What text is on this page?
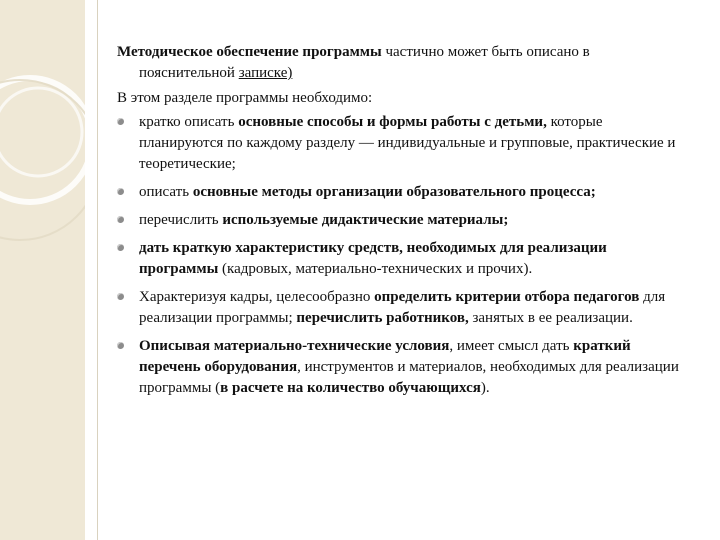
Методическое обеспечение программы частично может быть описано в
пояснительной записке)

В этом разделе программы необходимо:

кратко описать основные способы и формы работы с детьми, которые планируются по каждому разделу — индивидуальные и групповые, практические и теоретические;
описать основные методы организации образовательного процесса;
перечислить используемые дидактические материалы;
дать краткую характеристику средств, необходимых для реализации программы (кадровых, материально-технических и прочих).
Характеризуя кадры, целесообразно определить критерии отбора педагогов для реализации программы; перечислить работников, занятых в ее реализации.
Описывая материально-технические условия, имеет смысл дать краткий перечень оборудования, инструментов и материалов, необходимых для реализации программы (в расчете на количество обучающихся).
